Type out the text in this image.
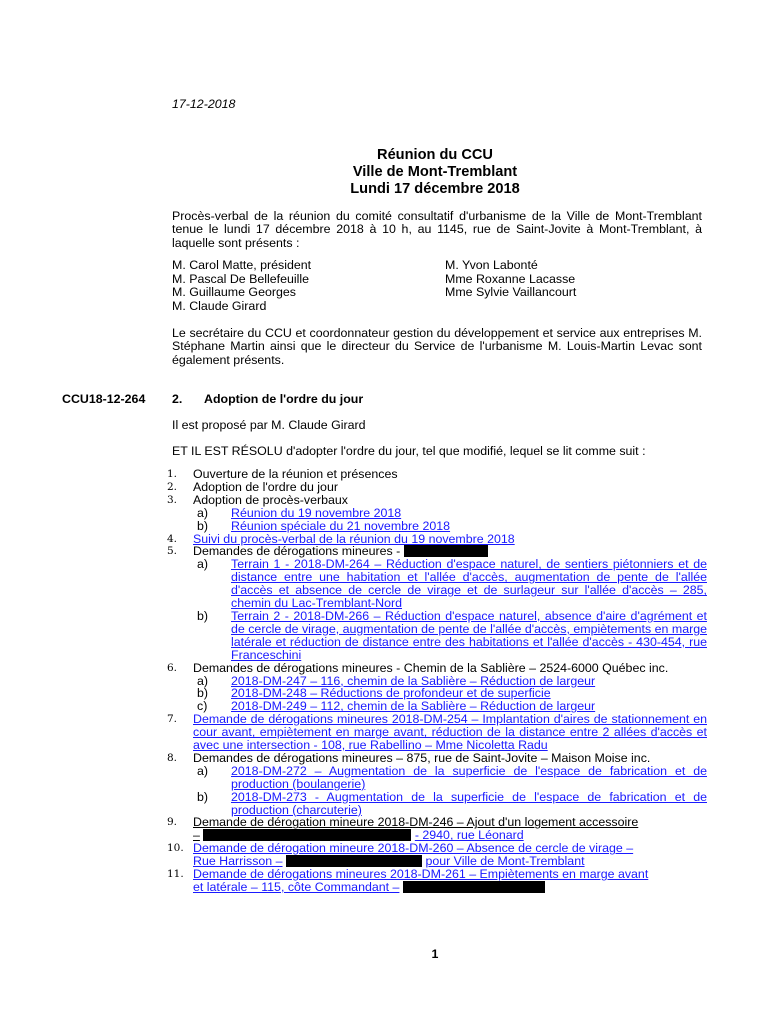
17-12-2018
Réunion du CCU
Ville de Mont-Tremblant
Lundi 17 décembre 2018
Procès-verbal de la réunion du comité consultatif d'urbanisme de la Ville de Mont-Tremblant tenue le lundi 17 décembre 2018 à 10 h, au 1145, rue de Saint-Jovite à Mont-Tremblant, à laquelle sont présents :
M. Carol Matte, président
M. Pascal De Bellefeuille
M. Guillaume Georges
M. Claude Girard
M. Yvon Labonté
Mme Roxanne Lacasse
Mme Sylvie Vaillancourt
Le secrétaire du CCU et coordonnateur gestion du développement et service aux entreprises M. Stéphane Martin ainsi que le directeur du Service de l'urbanisme M. Louis-Martin Levac sont également présents.
CCU18-12-264 2. Adoption de l'ordre du jour
Il est proposé par M. Claude Girard
ET IL EST RÉSOLU d'adopter l'ordre du jour, tel que modifié, lequel se lit comme suit :
1.	Ouverture de la réunion et présences
2.	Adoption de l'ordre du jour
3.	Adoption de procès-verbaux
a) Réunion du 19 novembre 2018
b) Réunion spéciale du 21 novembre 2018
4.	Suivi du procès-verbal de la réunion du 19 novembre 2018
5.	Demandes de dérogations mineures -
a) Terrain 1 - 2018-DM-264 – Réduction d'espace naturel, de sentiers piétonniers et de distance entre une habitation et l'allée d'accès, augmentation de pente de l'allée d'accès et absence de cercle de virage et de surlageur sur l'allée d'accès – 285, chemin du Lac-Tremblant-Nord
b) Terrain 2 - 2018-DM-266 – Réduction d'espace naturel, absence d'aire d'agrément et de cercle de virage, augmentation de pente de l'allée d'accès, empiètements en marge latérale et réduction de distance entre des habitations et l'allée d'accès - 430-454, rue Franceschini
6.	Demandes de dérogations mineures - Chemin de la Sablière – 2524-6000 Québec inc.
a) 2018-DM-247 – 116, chemin de la Sablière – Réduction de largeur
b) 2018-DM-248 – Réductions de profondeur et de superficie
c) 2018-DM-249 – 112, chemin de la Sablière – Réduction de largeur
7.	Demande de dérogations mineures 2018-DM-254 – Implantation d'aires de stationnement en cour avant, empiètement en marge avant, réduction de la distance entre 2 allées d'accès et avec une intersection - 108, rue Rabellino – Mme Nicoletta Radu
8.	Demandes de dérogations mineures – 875, rue de Saint-Jovite – Maison Moise inc.
a) 2018-DM-272 – Augmentation de la superficie de l'espace de fabrication et de production (boulangerie)
b) 2018-DM-273 - Augmentation de la superficie de l'espace de fabrication et de production (charcuterie)
9.	Demande de dérogation mineure 2018-DM-246 – Ajout d'un logement accessoire
–	- 2940, rue Léonard
10. Demande de dérogation mineure 2018-DM-260 – Absence de cercle de virage –
Rue Harrisson –	pour Ville de Mont-Tremblant
11. Demande de dérogations mineures 2018-DM-261 – Empiètements en marge avant
et latérale – 115, côte Commandant –
1
